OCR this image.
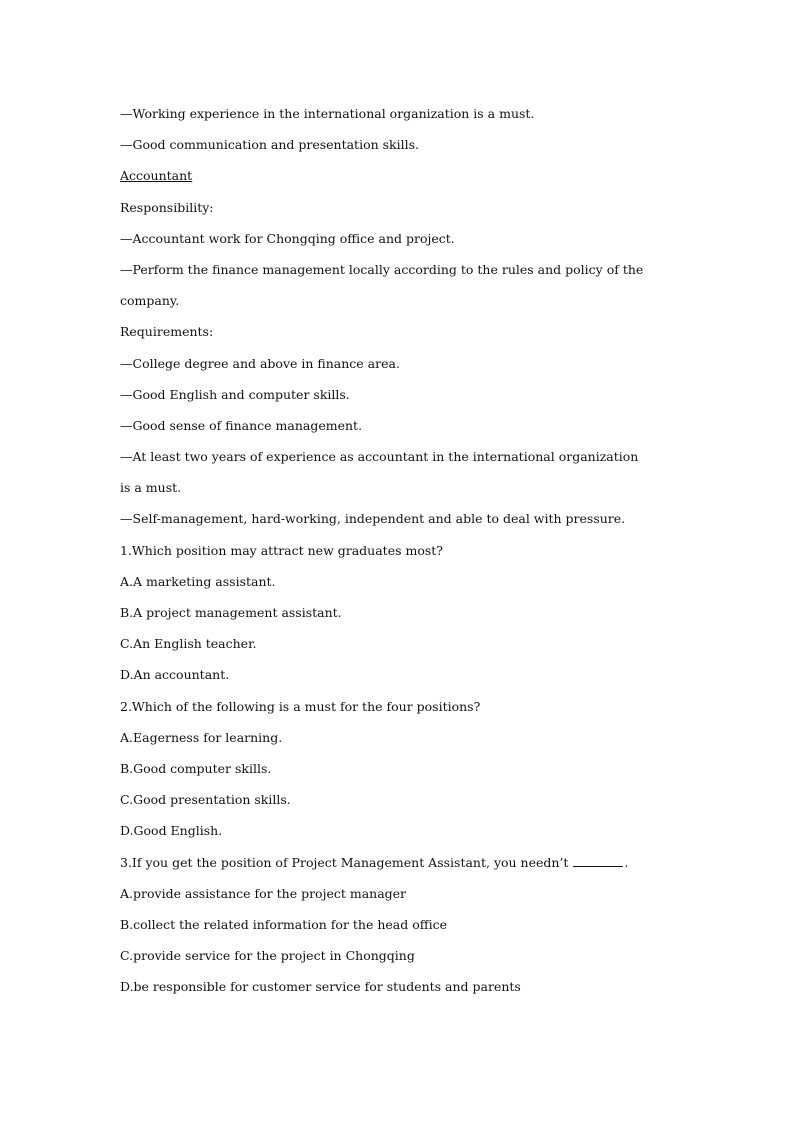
—Working experience in the international organization is a must.
—Good communication and presentation skills.
Accountant
Responsibility:
—Accountant work for Chongqing office and project.
—Perform the finance management locally according to the rules and policy of the
company.
Requirements:
—College degree and above in finance area.
—Good English and computer skills.
—Good sense of finance management.
—At least two years of experience as accountant in the international organization
is a must.
—Self-management, hard-working, independent and able to deal with pressure.
1.Which position may attract new graduates most?
A.A marketing assistant.
B.A project management assistant.
C.An English teacher.
D.An accountant.
2.Which of the following is a must for the four positions?
A.Eagerness for learning.
B.Good computer skills.
C.Good presentation skills.
D.Good English.
3.If you get the position of Project Management Assistant, you needn’t	.
A.provide assistance for the project manager
B.collect the related information for the head office
C.provide service for the project in Chongqing
D.be responsible for customer service for students and parents
